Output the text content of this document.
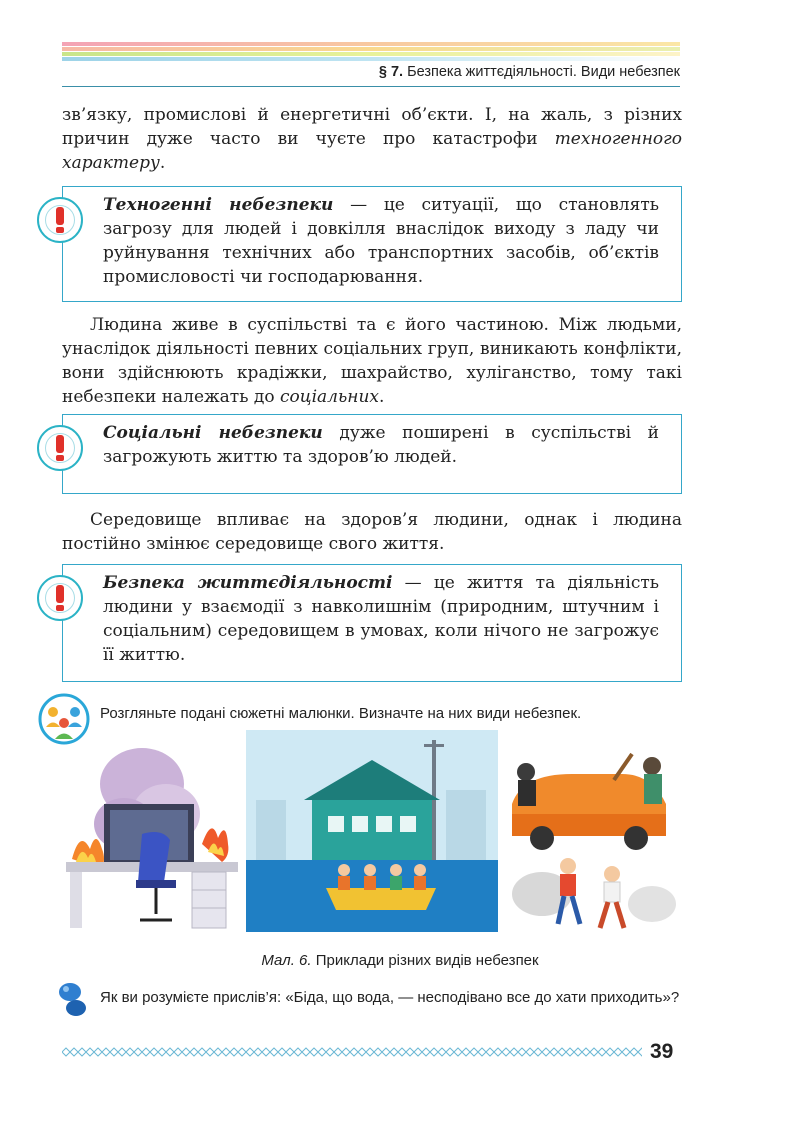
§ 7. Безпека життєдіяльності. Види небезпек

зв’язку, промислові й енергетичні об’єкти. І, на жаль, з різних причин дуже часто ви чуєте про катастрофи техногенного характеру.

Техногенні небезпеки — це ситуації, що становлять загрозу для людей і довкілля внаслідок виходу з ладу чи руйнування технічних або транспортних засобів, об’єктів промисловості чи господарювання.

Людина живе в суспільстві та є його частиною. Між людьми, унаслідок діяльності певних соціальних груп, виникають конфлікти, вони здійснюють крадіжки, шахрайство, хуліганство, тому такі небезпеки належать до соціальних.

Соціальні небезпеки дуже поширені в суспільстві й загрожують життю та здоров’ю людей.

Середовище впливає на здоров’я людини, однак і людина постійно змінює середовище свого життя.

Безпека життєдіяльності — це життя та діяльність людини у взаємодії з навколишнім (природним, штучним і соціальним) середовищем в умовах, коли нічого не загрожує її життю.

Розгляньте подані сюжетні малюнки. Визначте на них види небезпек.
Мал. 6. Приклади різних видів небезпек
Як ви розумієте прислів’я: «Біда, що вода, — несподівано все до хати приходить»?
39
